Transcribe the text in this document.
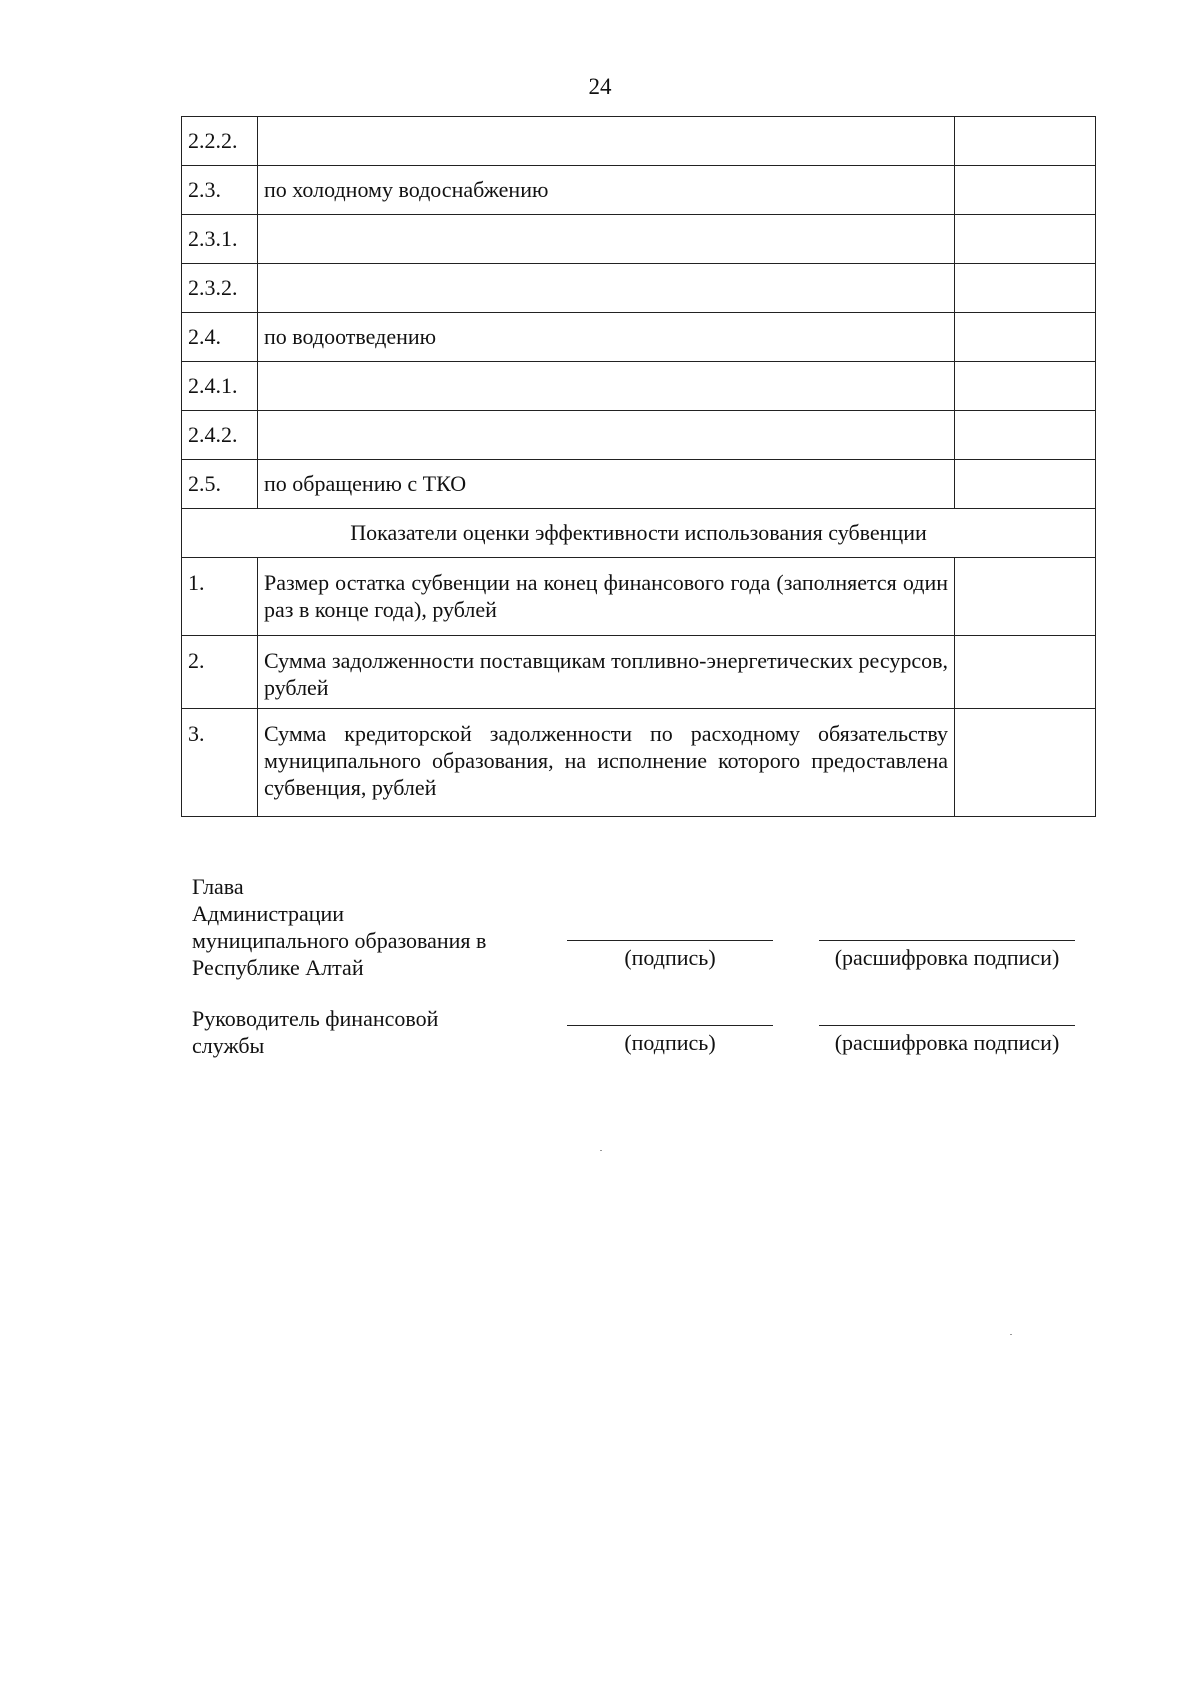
24
2.2.2.		
2.3.	по холодному водоснабжению	
2.3.1.		
2.3.2.		
2.4.	по водоотведению	
2.4.1.		
2.4.2.		
2.5.	по обращению с ТКО	
Показатели оценки эффективности использования субвенции		
1.	Размер остатка субвенции на конец финансового года (заполняется один раз в конце года), рублей	
2.	Сумма задолженности поставщикам топливно-энергетических ресурсов, рублей	
3.	Сумма кредиторской задолженности по расходному обязательству муниципального образования, на исполнение которого предоставлена субвенция, рублей	
Глава
Администрации
муниципального образования в
Республике Алтай	(подпись)	(расшифровка подписи)
Руководитель финансовой
службы	(подпись)	(расшифровка подписи)
